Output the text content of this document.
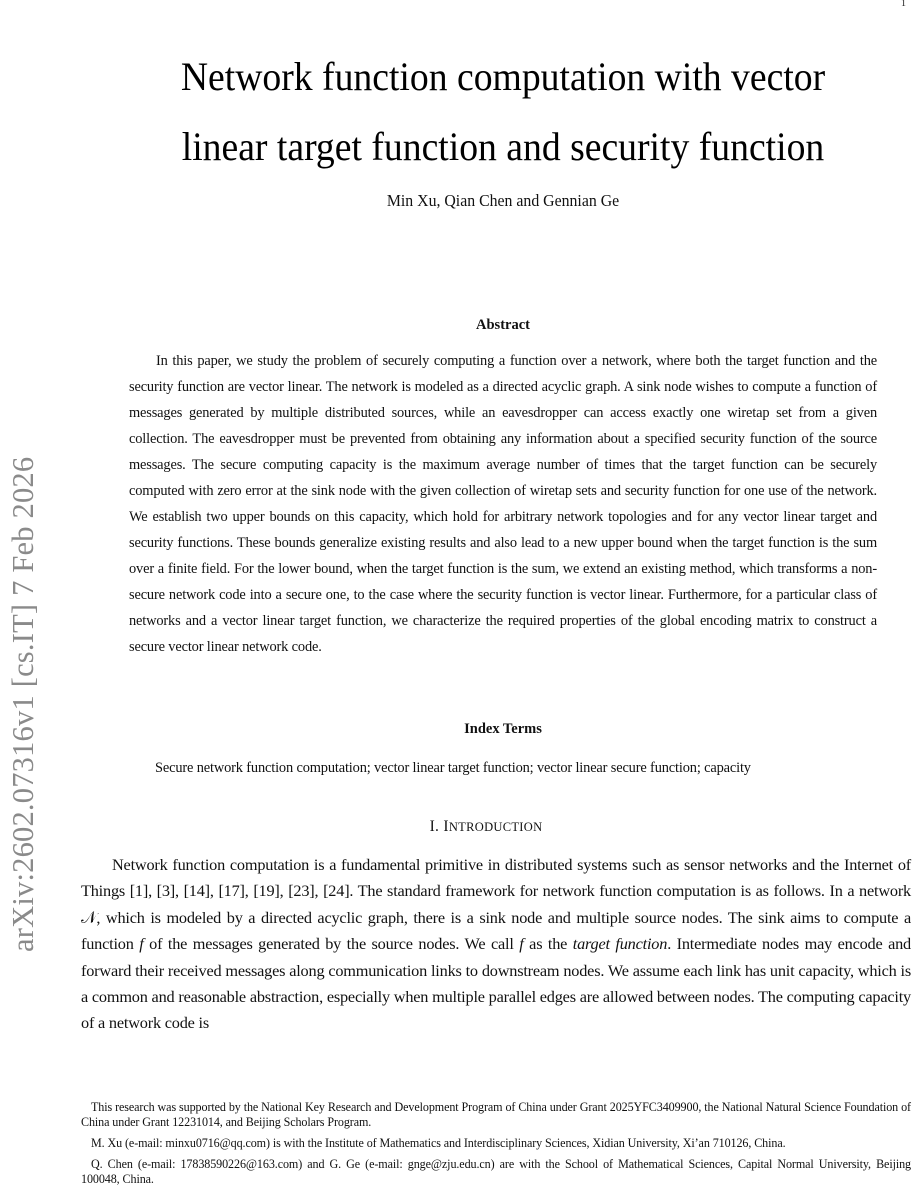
1
arXiv:2602.07316v1 [cs.IT] 7 Feb 2026
Network function computation with vector
linear target function and security function
Min Xu, Qian Chen and Gennian Ge
Abstract
In this paper, we study the problem of securely computing a function over a network, where both the target function and the security function are vector linear. The network is modeled as a directed acyclic graph. A sink node wishes to compute a function of messages generated by multiple distributed sources, while an eavesdropper can access exactly one wiretap set from a given collection. The eavesdropper must be prevented from obtaining any information about a specified security function of the source messages. The secure computing capacity is the maximum average number of times that the target function can be securely computed with zero error at the sink node with the given collection of wiretap sets and security function for one use of the network. We establish two upper bounds on this capacity, which hold for arbitrary network topologies and for any vector linear target and security functions. These bounds generalize existing results and also lead to a new upper bound when the target function is the sum over a finite field. For the lower bound, when the target function is the sum, we extend an existing method, which transforms a non-secure network code into a secure one, to the case where the security function is vector linear. Furthermore, for a particular class of networks and a vector linear target function, we characterize the required properties of the global encoding matrix to construct a secure vector linear network code.
Index Terms
Secure network function computation; vector linear target function; vector linear secure function; capacity
I. INTRODUCTION
Network function computation is a fundamental primitive in distributed systems such as sensor networks and the Internet of Things [1], [3], [14], [17], [19], [23], [24]. The standard framework for network function computation is as follows. In a network 𝒩, which is modeled by a directed acyclic graph, there is a sink node and multiple source nodes. The sink aims to compute a function f of the messages generated by the source nodes. We call f as the target function. Intermediate nodes may encode and forward their received messages along communication links to downstream nodes. We assume each link has unit capacity, which is a common and reasonable abstraction, especially when multiple parallel edges are allowed between nodes. The computing capacity of a network code is

This research was supported by the National Key Research and Development Program of China under Grant 2025YFC3409900, the National Natural Science Foundation of China under Grant 12231014, and Beijing Scholars Program.

M. Xu (e-mail: minxu0716@qq.com) is with the Institute of Mathematics and Interdisciplinary Sciences, Xidian University, Xi’an 710126, China.

Q. Chen (e-mail: 17838590226@163.com) and G. Ge (e-mail: gnge@zju.edu.cn) are with the School of Mathematical Sciences, Capital Normal University, Beijing 100048, China.
